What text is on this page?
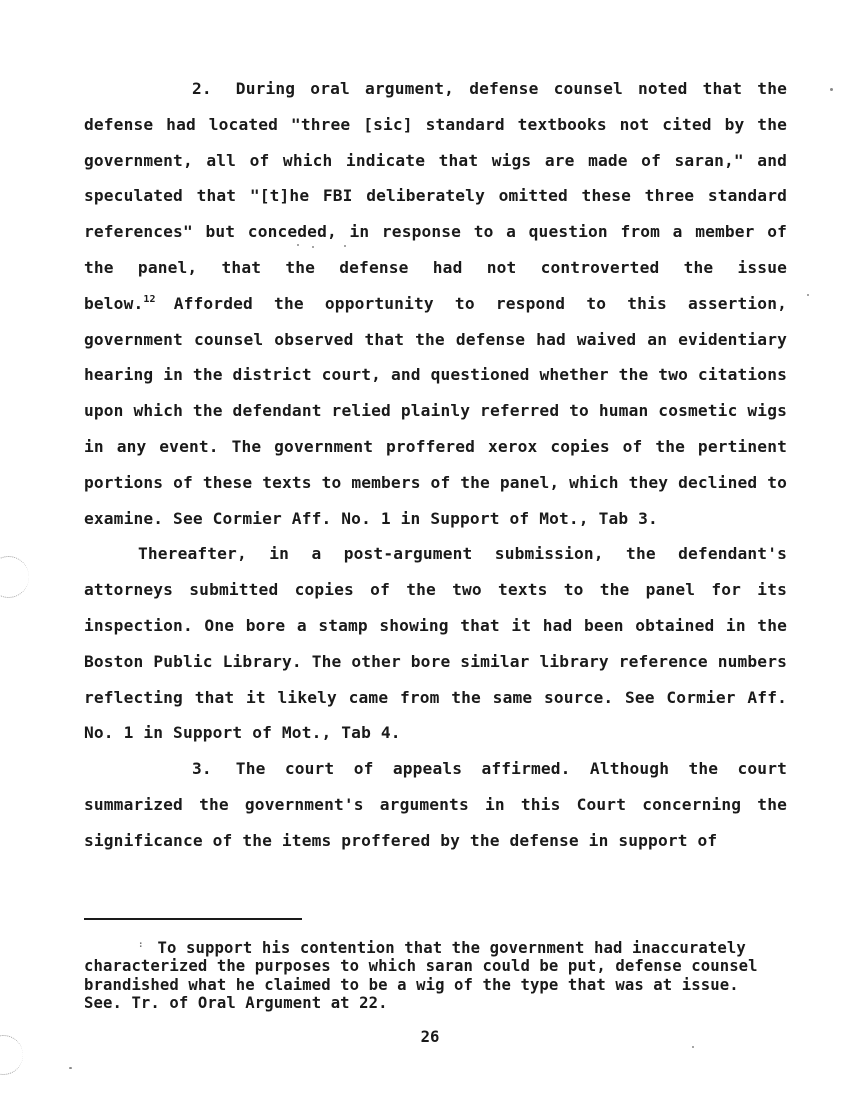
2. During oral argument, defense counsel noted that the defense had located "three [sic] standard textbooks not cited by the government, all of which indicate that wigs are made of saran," and speculated that "[t]he FBI deliberately omitted these three standard references" but conceded, in response to a question from a member of the panel, that the defense had not controverted the issue below.$^{12}$ Afforded the opportunity to respond to this assertion, government counsel observed that the defense had waived an evidentiary hearing in the district court, and questioned whether the two citations upon which the defendant relied plainly referred to human cosmetic wigs in any event. The government proffered xerox copies of the pertinent portions of these texts to members of the panel, which they declined to examine. See Cormier Aff. No. 1 in Support of Mot., Tab 3.

Thereafter, in a post-argument submission, the defendant's attorneys submitted copies of the two texts to the panel for its inspection. One bore a stamp showing that it had been obtained in the Boston Public Library. The other bore similar library reference numbers reflecting that it likely came from the same source. See Cormier Aff. No. 1 in Support of Mot., Tab 4.

3. The court of appeals affirmed. Although the court summarized the government's arguments in this Court concerning the significance of the items proffered by the defense in support of

: To support his contention that the government had inaccurately characterized the purposes to which saran could be put, defense counsel brandished what he claimed to be a wig of the type that was at issue. See. Tr. of Oral Argument at 22.

26
